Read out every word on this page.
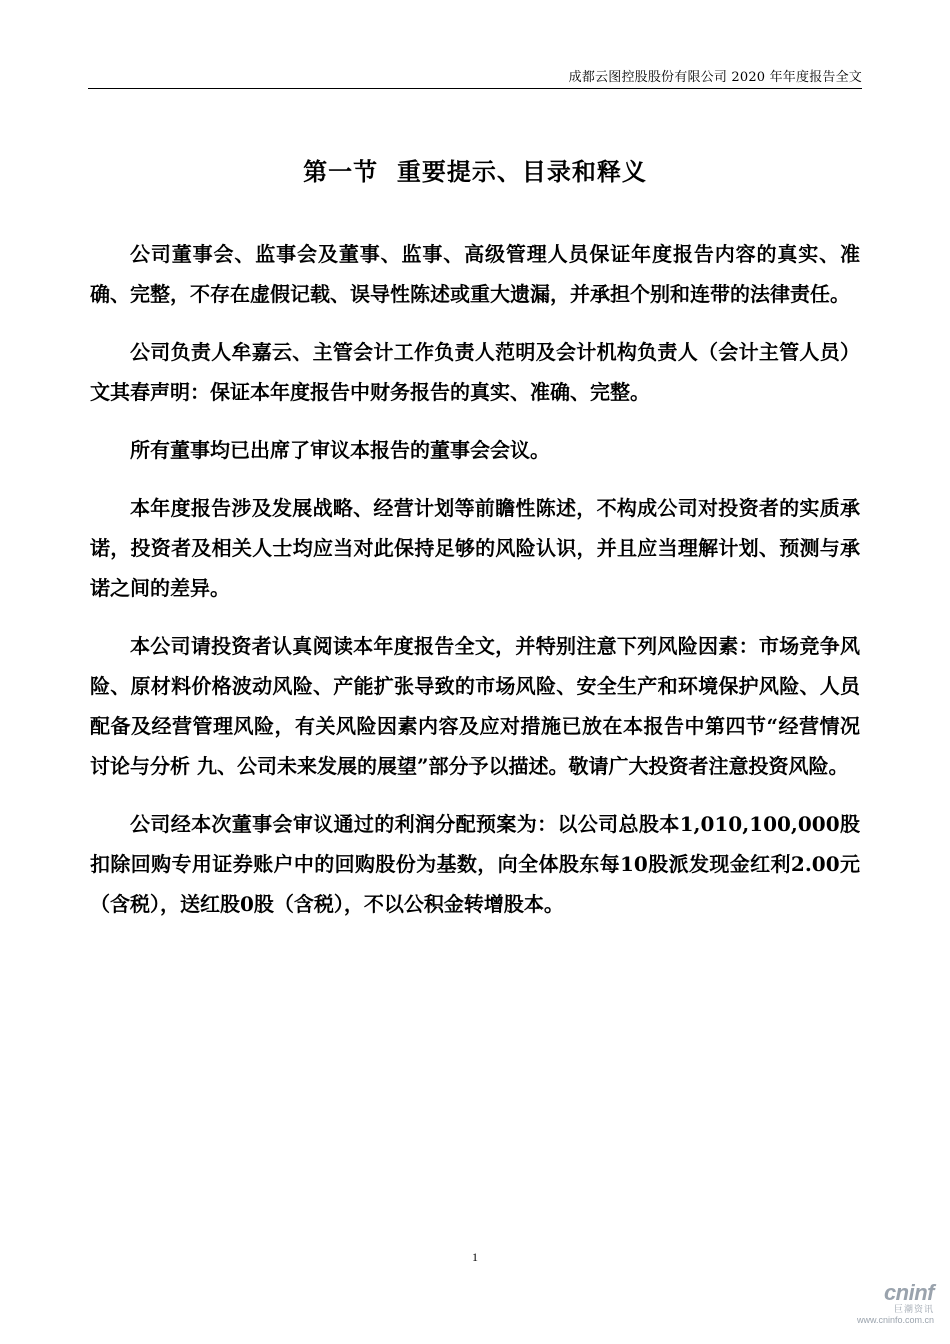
成都云图控股股份有限公司 2020 年年度报告全文
第一节  重要提示、目录和释义

公司董事会、监事会及董事、监事、高级管理人员保证年度报告内容的真实、准确、完整，不存在虚假记载、误导性陈述或重大遗漏，并承担个别和连带的法律责任。

公司负责人牟嘉云、主管会计工作负责人范明及会计机构负责人（会计主管人员）文其春声明：保证本年度报告中财务报告的真实、准确、完整。

所有董事均已出席了审议本报告的董事会会议。

本年度报告涉及发展战略、经营计划等前瞻性陈述，不构成公司对投资者的实质承诺，投资者及相关人士均应当对此保持足够的风险认识，并且应当理解计划、预测与承诺之间的差异。

本公司请投资者认真阅读本年度报告全文，并特别注意下列风险因素：市场竞争风险、原材料价格波动风险、产能扩张导致的市场风险、安全生产和环境保护风险、人员配备及经营管理风险，有关风险因素内容及应对措施已放在本报告中第四节“经营情况讨论与分析 九、公司未来发展的展望”部分予以描述。敬请广大投资者注意投资风险。

公司经本次董事会审议通过的利润分配预案为：以公司总股本1,010,100,000股扣除回购专用证券账户中的回购股份为基数，向全体股东每10股派发现金红利2.00元（含税），送红股0股（含税），不以公积金转增股本。

1
cninf
巨潮资讯
www.cninfo.com.cn
